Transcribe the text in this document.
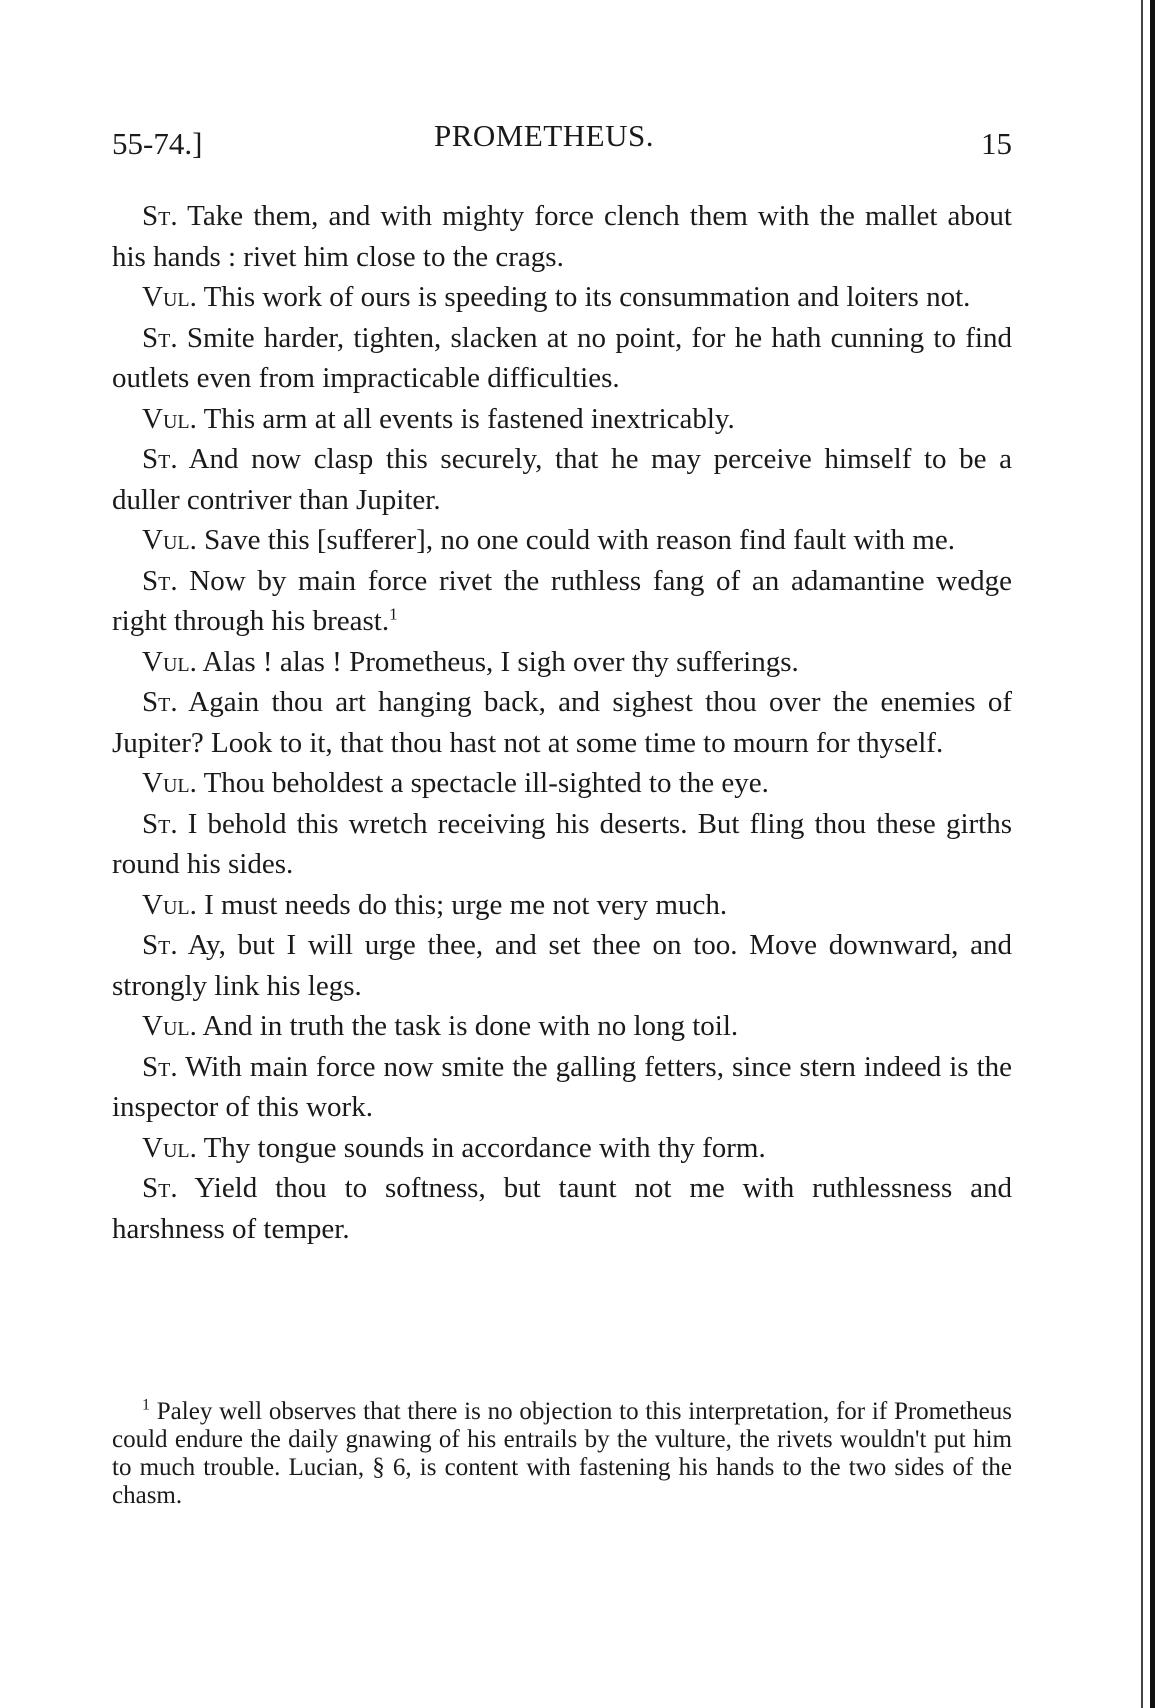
55-74.]	PROMETHEUS.	15

St. Take them, and with mighty force clench them with the mallet about his hands : rivet him close to the crags.

Vul. This work of ours is speeding to its consummation and loiters not.

St. Smite harder, tighten, slacken at no point, for he hath cunning to find outlets even from impracticable difficulties.

Vul. This arm at all events is fastened inextricably.

St. And now clasp this securely, that he may perceive himself to be a duller contriver than Jupiter.

Vul. Save this [sufferer], no one could with reason find fault with me.

St. Now by main force rivet the ruthless fang of an adamantine wedge right through his breast.$^1$

Vul. Alas ! alas ! Prometheus, I sigh over thy sufferings.

St. Again thou art hanging back, and sighest thou over the enemies of Jupiter? Look to it, that thou hast not at some time to mourn for thyself.

Vul. Thou beholdest a spectacle ill-sighted to the eye.

St. I behold this wretch receiving his deserts. But fling thou these girths round his sides.

Vul. I must needs do this; urge me not very much.

St. Ay, but I will urge thee, and set thee on too. Move downward, and strongly link his legs.

Vul. And in truth the task is done with no long toil.

St. With main force now smite the galling fetters, since stern indeed is the inspector of this work.

Vul. Thy tongue sounds in accordance with thy form.

St. Yield thou to softness, but taunt not me with ruthlessness and harshness of temper.

$^1$ Paley well observes that there is no objection to this interpretation, for if Prometheus could endure the daily gnawing of his entrails by the vulture, the rivets wouldn't put him to much trouble. Lucian, § 6, is content with fastening his hands to the two sides of the chasm.
